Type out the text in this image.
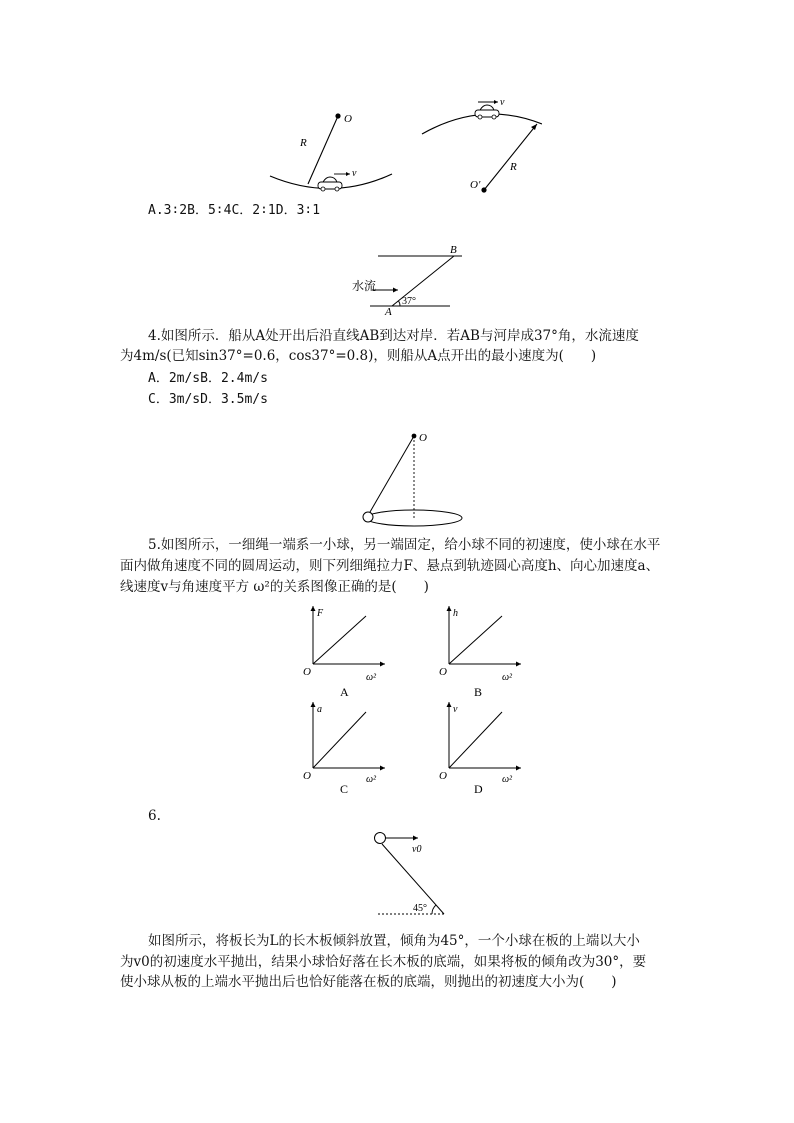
O
R
v
O'
R
v
A.3∶2B．5∶4C．2∶1D．3∶1
B
A
水流
37°
4.如图所示．船从A处开出后沿直线AB到达对岸．若AB与河岸成37°角，水流速度
为4m/s(已知sin37°=0.6，cos37°=0.8)，则船从A点开出的最小速度为(　　)
A．2m/sB．2.4m/s
C．3m/sD．3.5m/s
O
5.如图所示，一细绳一端系一小球，另一端固定，给小球不同的初速度，使小球在水平
面内做角速度不同的圆周运动，则下列细绳拉力F、悬点到轨迹圆心高度h、向心加速度a、
线速度v与角速度平方 ω²的关系图像正确的是(　　)
F
O	ω²
A
h
O	ω²
B
a
O	ω²
C
v
O	ω²
D
6.
v0
45°
如图所示，将板长为L的长木板倾斜放置，倾角为45°，一个小球在板的上端以大小
为v0的初速度水平抛出，结果小球恰好落在长木板的底端，如果将板的倾角改为30°，要
使小球从板的上端水平抛出后也恰好能落在板的底端，则抛出的初速度大小为(　　)
